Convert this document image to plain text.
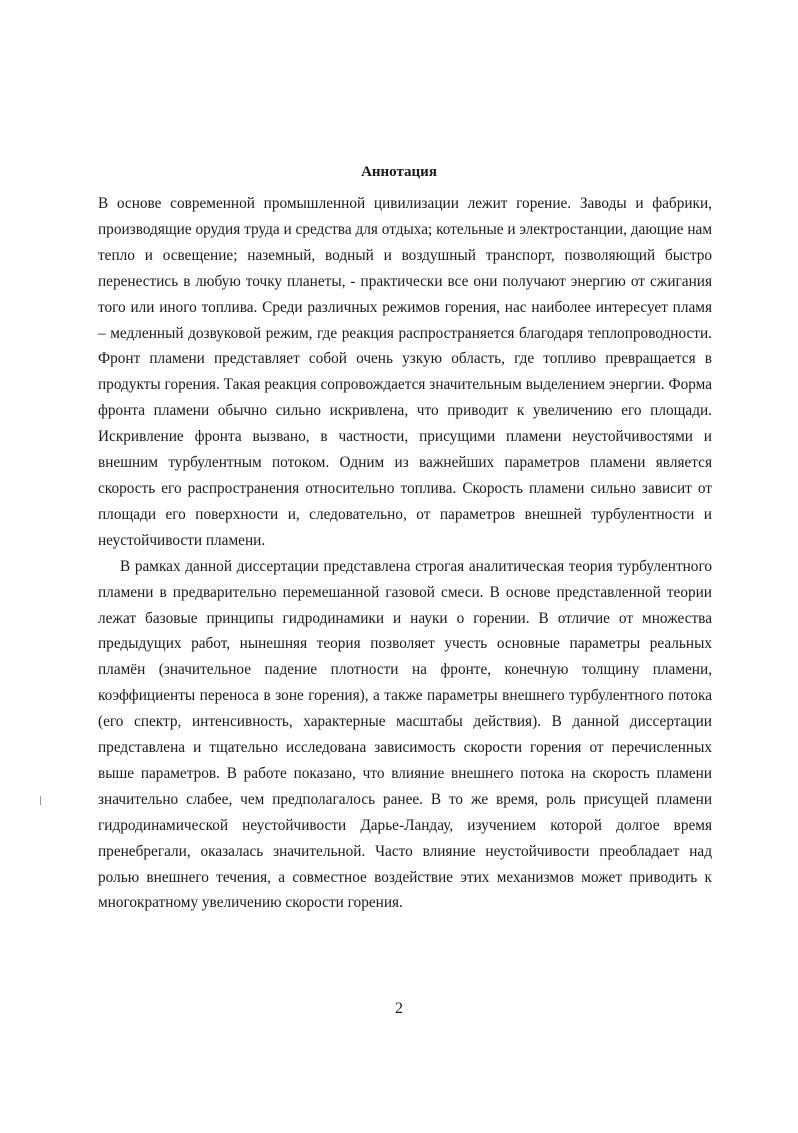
Аннотация

В основе современной промышленной цивилизации лежит горение. Заводы и фабрики, производящие орудия труда и средства для отдыха; котельные и электростанции, дающие нам тепло и освещение; наземный, водный и воздушный транспорт, позволяющий быстро перенестись в любую точку планеты, - практически все они получают энергию от сжигания того или иного топлива. Среди различных режимов горения, нас наиболее интересует пламя – медленный дозвуковой режим, где реакция распространяется благодаря теплопроводности. Фронт пламени представляет собой очень узкую область, где топливо превращается в продукты горения. Такая реакция сопровождается значительным выделением энергии. Форма фронта пламени обычно сильно искривлена, что приводит к увеличению его площади. Искривление фронта вызвано, в частности, присущими пламени неустойчивостями и внешним турбулентным потоком. Одним из важнейших параметров пламени является скорость его распространения относительно топлива. Скорость пламени сильно зависит от площади его поверхности и, следовательно, от параметров внешней турбулентности и неустойчивости пламени.

В рамках данной диссертации представлена строгая аналитическая теория турбулентного пламени в предварительно перемешанной газовой смеси. В основе представленной теории лежат базовые принципы гидродинамики и науки о горении. В отличие от множества предыдущих работ, нынешняя теория позволяет учесть основные параметры реальных пламён (значительное падение плотности на фронте, конечную толщину пламени, коэффициенты переноса в зоне горения), а также параметры внешнего турбулентного потока (его спектр, интенсивность, характерные масштабы действия). В данной диссертации представлена и тщательно исследована зависимость скорости горения от перечисленных выше параметров. В работе показано, что влияние внешнего потока на скорость пламени значительно слабее, чем предполагалось ранее. В то же время, роль присущей пламени гидродинамической неустойчивости Дарье-Ландау, изучением которой долгое время пренебрегали, оказалась значительной. Часто влияние неустойчивости преобладает над ролью внешнего течения, а совместное воздействие этих механизмов может приводить к многократному увеличению скорости горения.

2
